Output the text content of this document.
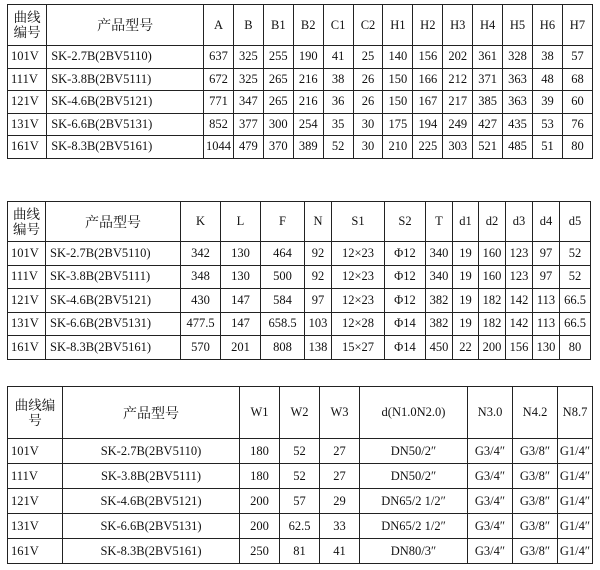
曲线编号	产品型号	A	B	B1	B2	C1	C2	H1	H2	H3	H4	H5	H6	H7
101V	SK-2.7B(2BV5110)	637	325	255	190	41	25	140	156	202	361	328	38	57
111V	SK-3.8B(2BV5111)	672	325	265	216	38	26	150	166	212	371	363	48	68
121V	SK-4.6B(2BV5121)	771	347	265	216	36	26	150	167	217	385	363	39	60
131V	SK-6.6B(2BV5131)	852	377	300	254	35	30	175	194	249	427	435	53	76
161V	SK-8.3B(2BV5161)	1044	479	370	389	52	30	210	225	303	521	485	51	80
曲线编号	产品型号	K	L	F	N	S1	S2	T	d1	d2	d3	d4	d5
101V	SK-2.7B(2BV5110)	342	130	464	92	12×23	Φ12	340	19	160	123	97	52
111V	SK-3.8B(2BV5111)	348	130	500	92	12×23	Φ12	340	19	160	123	97	52
121V	SK-4.6B(2BV5121)	430	147	584	97	12×23	Φ12	382	19	182	142	113	66.5
131V	SK-6.6B(2BV5131)	477.5	147	658.5	103	12×28	Φ14	382	19	182	142	113	66.5
161V	SK-8.3B(2BV5161)	570	201	808	138	15×27	Φ14	450	22	200	156	130	80
曲线编号	产品型号	W1	W2	W3	d(N1.0N2.0)	N3.0	N4.2	N8.7
101V	SK-2.7B(2BV5110)	180	52	27	DN50/2″	G3/4″	G3/8″	G1/4″
111V	SK-3.8B(2BV5111)	180	52	27	DN50/2″	G3/4″	G3/8″	G1/4″
121V	SK-4.6B(2BV5121)	200	57	29	DN65/2 1/2″	G3/4″	G3/8″	G1/4″
131V	SK-6.6B(2BV5131)	200	62.5	33	DN65/2 1/2″	G3/4″	G3/8″	G1/4″
161V	SK-8.3B(2BV5161)	250	81	41	DN80/3″	G3/4″	G3/8″	G1/4″
